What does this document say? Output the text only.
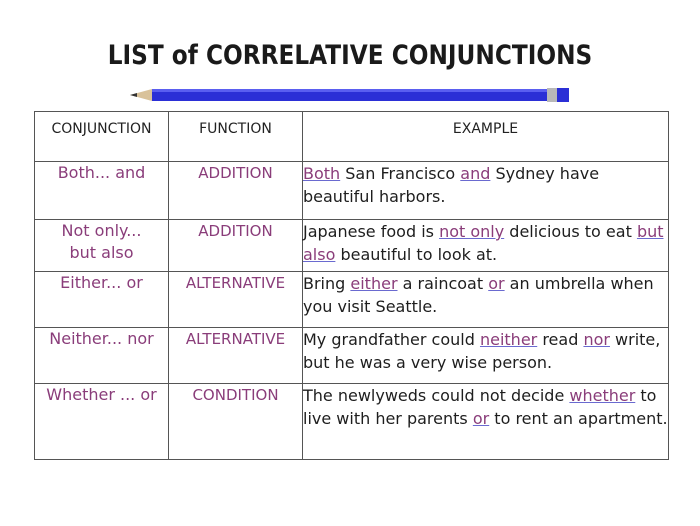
LIST of CORRELATIVE CONJUNCTIONS
CONJUNCTION	FUNCTION	EXAMPLE

Both... and	ADDITION	Both San Francisco and Sydney have beautiful harbors.

Not only...
but also	ADDITION	Japanese food is not only delicious to eat but also beautiful to look at.

Either... or	ALTERNATIVE	Bring either a raincoat or an umbrella when you visit Seattle.

Neither... nor	ALTERNATIVE	My grandfather could neither read nor write, but he was a very wise person.

Whether ... or	CONDITION	The newlyweds could not decide whether to live with her parents or to rent an apartment.
